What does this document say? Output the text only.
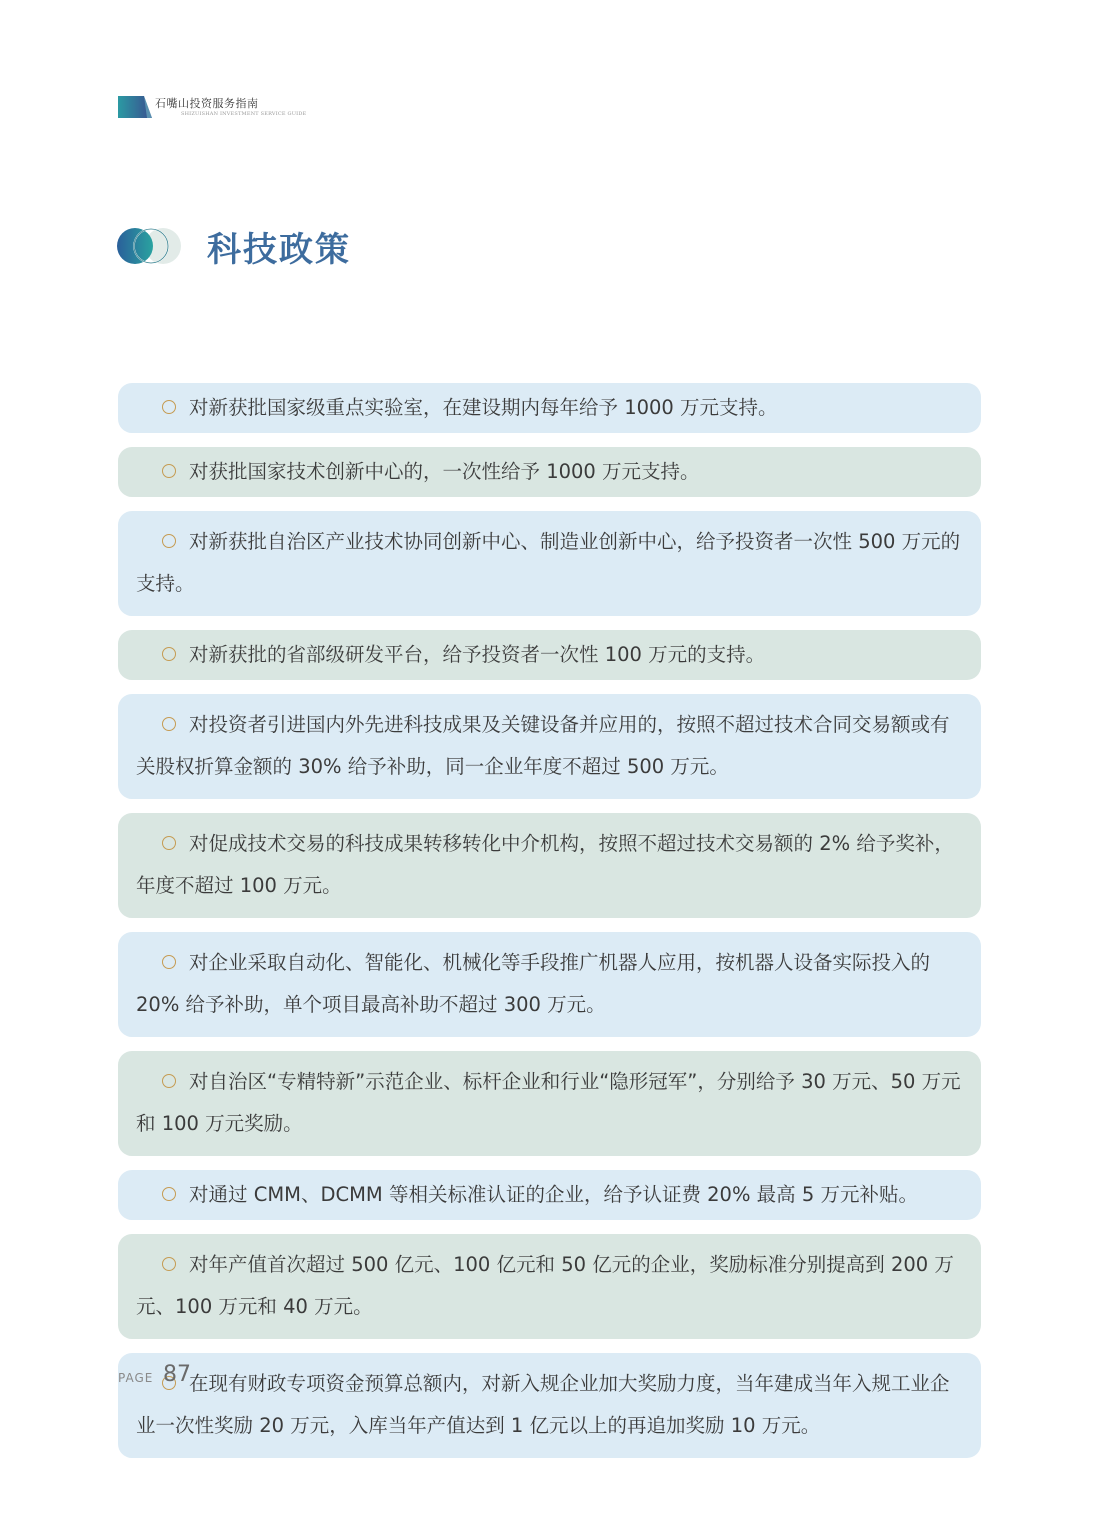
石嘴山投资服务指南
SHIZUISHAN INVESTMENT SERVICE GUIDE
科技政策
对新获批国家级重点实验室，在建设期内每年给予 1000 万元支持。
对获批国家技术创新中心的，一次性给予 1000 万元支持。
对新获批自治区产业技术协同创新中心、制造业创新中心，给予投资者一次性 500 万元的支持。
对新获批的省部级研发平台，给予投资者一次性 100 万元的支持。
对投资者引进国内外先进科技成果及关键设备并应用的，按照不超过技术合同交易额或有关股权折算金额的 30% 给予补助，同一企业年度不超过 500 万元。
对促成技术交易的科技成果转移转化中介机构，按照不超过技术交易额的 2% 给予奖补，年度不超过 100 万元。
对企业采取自动化、智能化、机械化等手段推广机器人应用，按机器人设备实际投入的 20% 给予补助，单个项目最高补助不超过 300 万元。
对自治区“专精特新”示范企业、标杆企业和行业“隐形冠军”，分别给予 30 万元、50 万元和 100 万元奖励。
对通过 CMM、DCMM 等相关标准认证的企业，给予认证费 20% 最高 5 万元补贴。
对年产值首次超过 500 亿元、100 亿元和 50 亿元的企业，奖励标准分别提高到 200 万元、100 万元和 40 万元。
在现有财政专项资金预算总额内，对新入规企业加大奖励力度，当年建成当年入规工业企业一次性奖励 20 万元，入库当年产值达到 1 亿元以上的再追加奖励 10 万元。
PAGE 87
